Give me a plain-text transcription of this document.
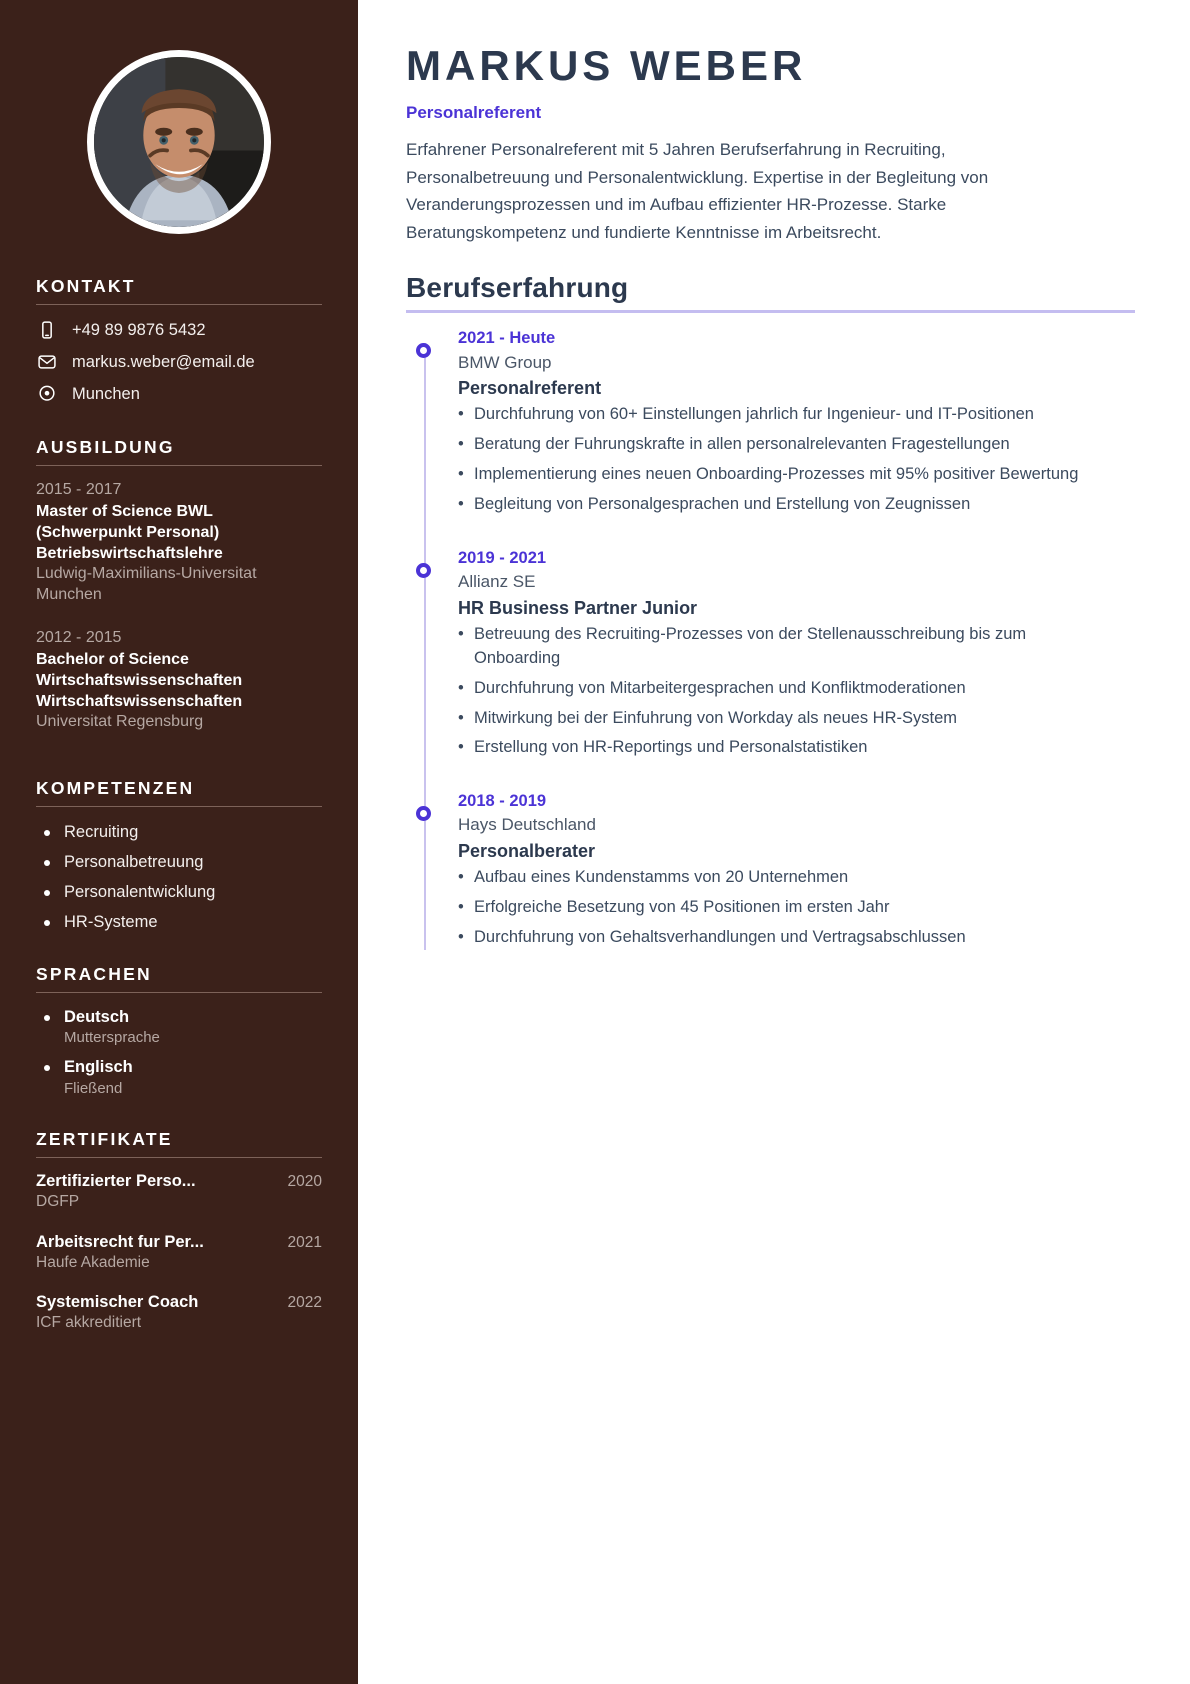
KONTAKT
+49 89 9876 5432
markus.weber@email.de
Munchen
AUSBILDUNG
2015 - 2017
Master of Science BWL (Schwerpunkt Personal)
Betriebswirtschaftslehre
Ludwig-Maximilians-Universitat Munchen
2012 - 2015
Bachelor of Science Wirtschaftswissenschaften
Wirtschaftswissenschaften
Universitat Regensburg
KOMPETENZEN
Recruiting
Personalbetreuung
Personalentwicklung
HR-Systeme
SPRACHEN
Deutsch
Muttersprache
Englisch
Fließend
ZERTIFIKATE
Zertifizierter Perso...	2020
DGFP
Arbeitsrecht fur Per...	2021
Haufe Akademie
Systemischer Coach	2022
ICF akkreditiert
MARKUS WEBER
Personalreferent

Erfahrener Personalreferent mit 5 Jahren Berufserfahrung in Recruiting, Personalbetreuung und Personalentwicklung. Expertise in der Begleitung von Veranderungsprozessen und im Aufbau effizienter HR-Prozesse. Starke Beratungskompetenz und fundierte Kenntnisse im Arbeitsrecht.

Berufserfahrung
2021 - Heute
BMW Group
Personalreferent
• Durchfuhrung von 60+ Einstellungen jahrlich fur Ingenieur- und IT-Positionen
• Beratung der Fuhrungskrafte in allen personalrelevanten Fragestellungen
• Implementierung eines neuen Onboarding-Prozesses mit 95% positiver Bewertung
• Begleitung von Personalgesprachen und Erstellung von Zeugnissen
2019 - 2021
Allianz SE
HR Business Partner Junior
• Betreuung des Recruiting-Prozesses von der Stellenausschreibung bis zum Onboarding
• Durchfuhrung von Mitarbeitergesprachen und Konfliktmoderationen
• Mitwirkung bei der Einfuhrung von Workday als neues HR-System
• Erstellung von HR-Reportings und Personalstatistiken
2018 - 2019
Hays Deutschland
Personalberater
• Aufbau eines Kundenstamms von 20 Unternehmen
• Erfolgreiche Besetzung von 45 Positionen im ersten Jahr
• Durchfuhrung von Gehaltsverhandlungen und Vertragsabschlussen
